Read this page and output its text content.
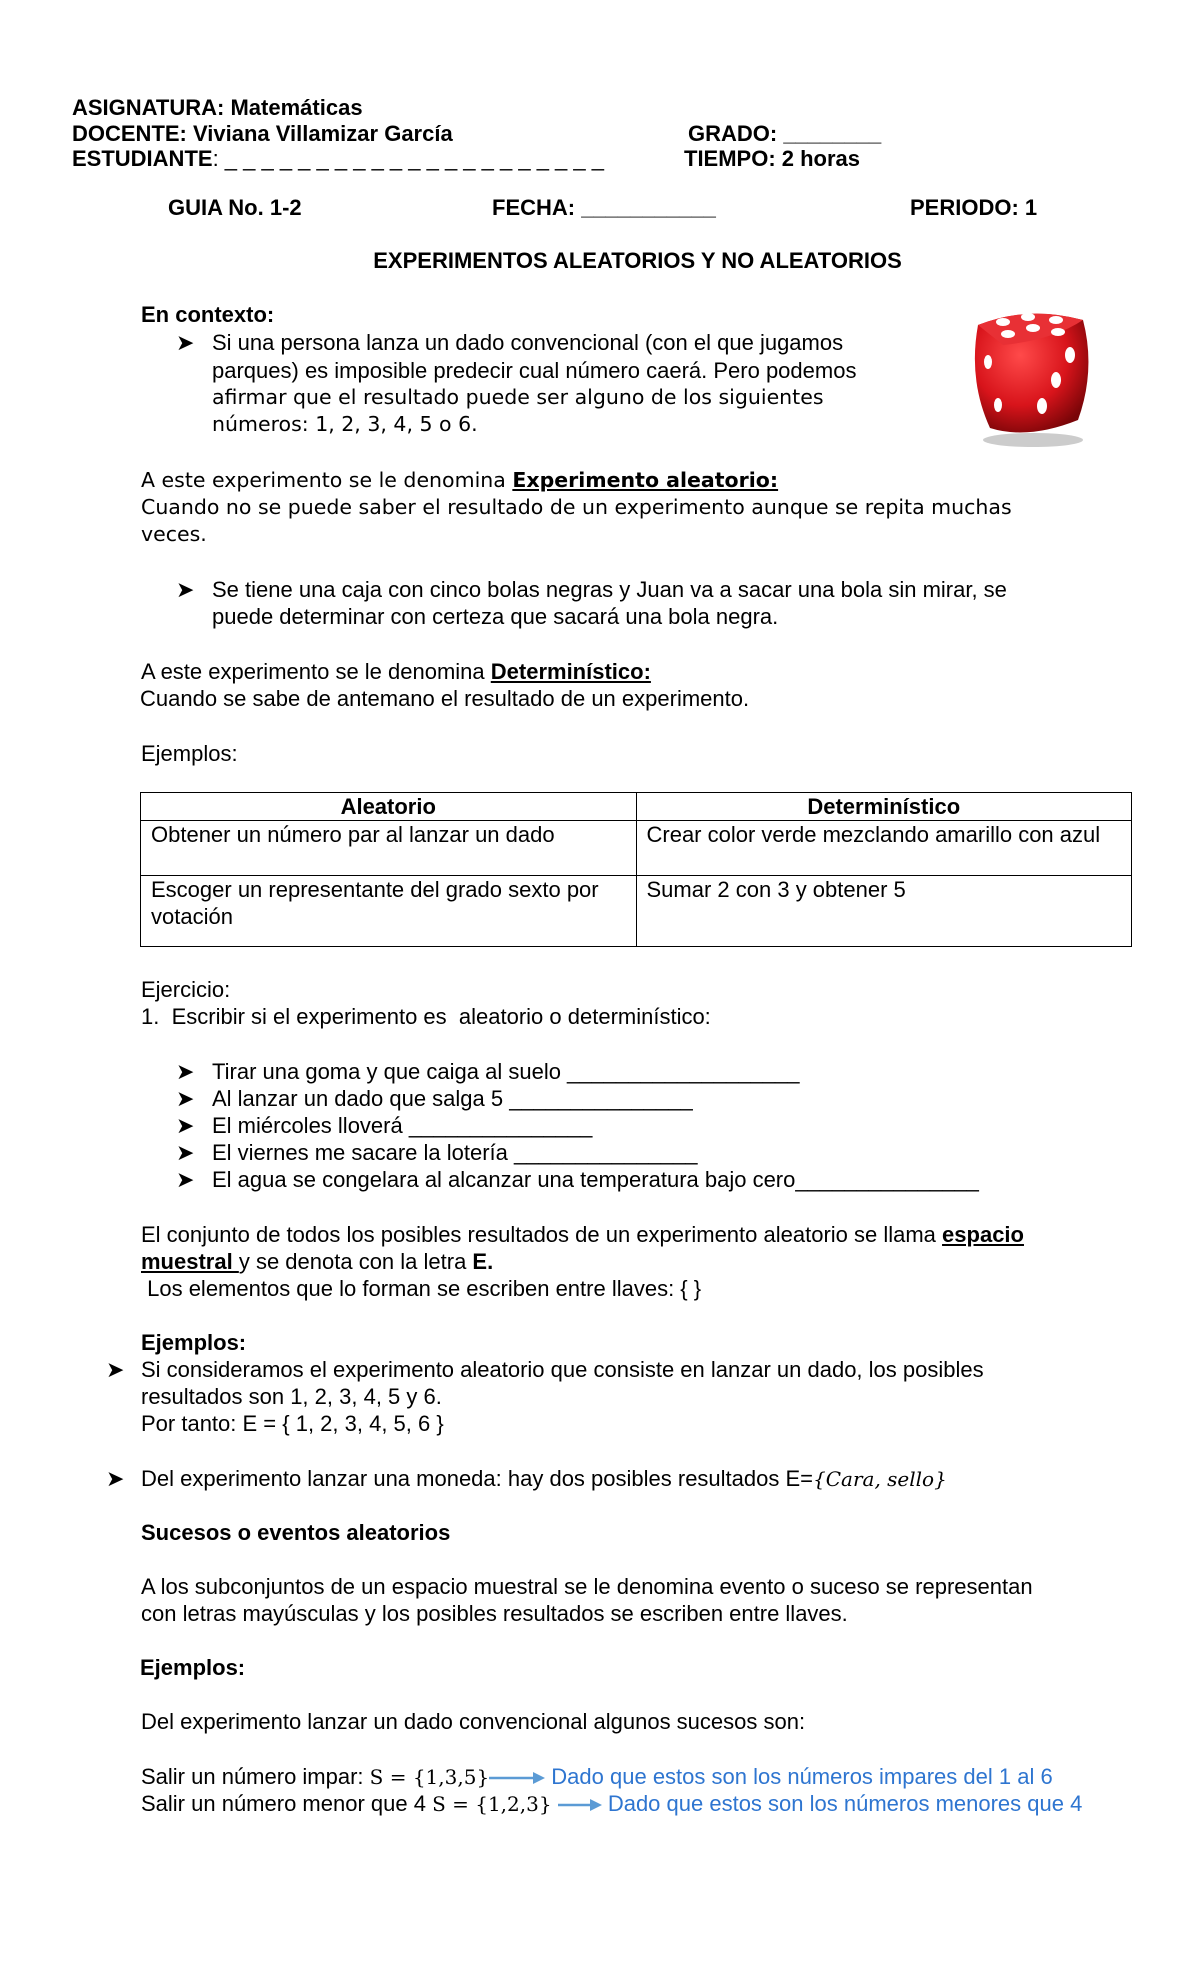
ASIGNATURA: Matemáticas
DOCENTE: Viviana Villamizar García	GRADO: ________
ESTUDIANTE: _ _ _ _ _ _ _ _ _ _ _ _ _ _ _ _ _ _ _ _ _	TIEMPO: 2 horas
GUIA No. 1-2	FECHA: ___________	PERIODO: 1
EXPERIMENTOS ALEATORIOS Y NO ALEATORIOS
En contexto:
➤ Si una persona lanza un dado convencional (con el que jugamos
parques) es imposible predecir cual número caerá. Pero podemos
afirmar que el resultado puede ser alguno de los siguientes
números: 1, 2, 3, 4, 5 o 6.
A este experimento se le denomina Experimento aleatorio:
Cuando no se puede saber el resultado de un experimento aunque se repita muchas
veces.
➤ Se tiene una caja con cinco bolas negras y Juan va a sacar una bola sin mirar, se
puede determinar con certeza que sacará una bola negra.
A este experimento se le denomina Determinístico:
Cuando se sabe de antemano el resultado de un experimento.
Ejemplos:
Aleatorio	Determinístico
Obtener un número par al lanzar un dado	Crear color verde mezclando amarillo con azul
Escoger un representante del grado sexto por votación	Sumar 2 con 3 y obtener 5
Ejercicio:
1.  Escribir si el experimento es  aleatorio o determinístico:
➤ Tirar una goma y que caiga al suelo ___________________
➤ Al lanzar un dado que salga 5 _______________
➤ El miércoles lloverá _______________
➤ El viernes me sacare la lotería _______________
➤ El agua se congelara al alcanzar una temperatura bajo cero_______________
El conjunto de todos los posibles resultados de un experimento aleatorio se llama espacio
muestral y se denota con la letra E.
Los elementos que lo forman se escriben entre llaves: { }
Ejemplos:
➤ Si consideramos el experimento aleatorio que consiste en lanzar un dado, los posibles
resultados son 1, 2, 3, 4, 5 y 6.
Por tanto: E = { 1, 2, 3, 4, 5, 6 }
➤ Del experimento lanzar una moneda: hay dos posibles resultados E={Cara, sello}
Sucesos o eventos aleatorios
A los subconjuntos de un espacio muestral se le denomina evento o suceso se representan
con letras mayúsculas y los posibles resultados se escriben entre llaves.
Ejemplos:
Del experimento lanzar un dado convencional algunos sucesos son:
Salir un número impar: S = {1,3,5}	Dado que estos son los números impares del 1 al 6
Salir un número menor que 4 S = {1,2,3}	Dado que estos son los números menores que 4
